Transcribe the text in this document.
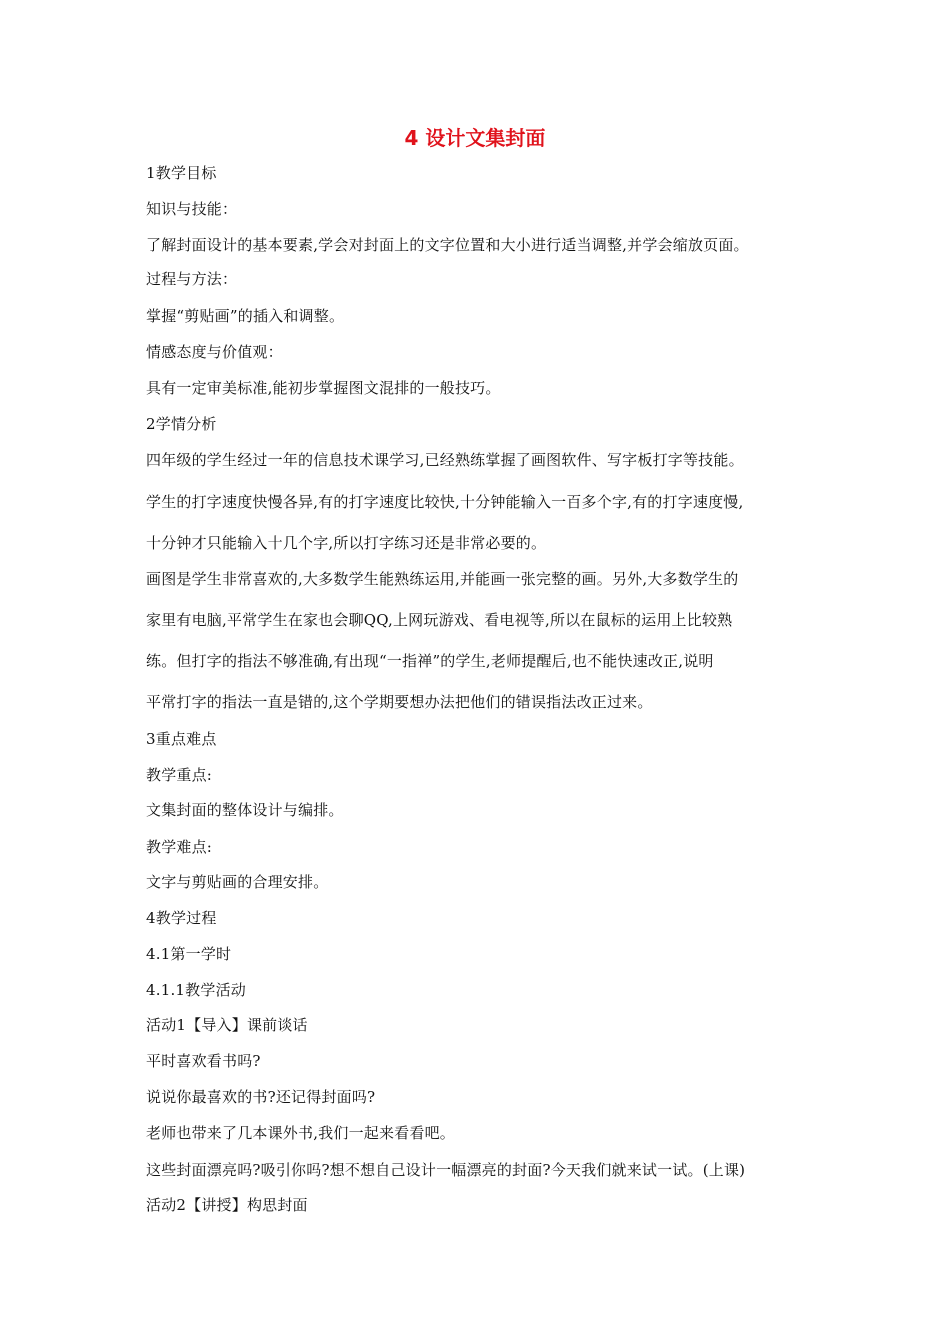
4 设计文集封面
1教学目标
知识与技能：
了解封面设计的基本要素,学会对封面上的文字位置和大小进行适当调整,并学会缩放页面。
过程与方法：
掌握“剪贴画”的插入和调整。
情感态度与价值观：
具有一定审美标准,能初步掌握图文混排的一般技巧。
2学情分析
四年级的学生经过一年的信息技术课学习,已经熟练掌握了画图软件、写字板打字等技能。
学生的打字速度快慢各异,有的打字速度比较快,十分钟能输入一百多个字,有的打字速度慢,
十分钟才只能输入十几个字,所以打字练习还是非常必要的。
画图是学生非常喜欢的,大多数学生能熟练运用,并能画一张完整的画。另外,大多数学生的
家里有电脑,平常学生在家也会聊QQ,上网玩游戏、看电视等,所以在鼠标的运用上比较熟
练。但打字的指法不够准确,有出现“一指禅”的学生,老师提醒后,也不能快速改正,说明
平常打字的指法一直是错的,这个学期要想办法把他们的错误指法改正过来。
3重点难点
教学重点:
文集封面的整体设计与编排。
教学难点:
文字与剪贴画的合理安排。
4教学过程
4.1第一学时
4.1.1教学活动
活动1【导入】课前谈话
平时喜欢看书吗?
说说你最喜欢的书?还记得封面吗?
老师也带来了几本课外书,我们一起来看看吧。
这些封面漂亮吗?吸引你吗?想不想自己设计一幅漂亮的封面?今天我们就来试一试。(上课)
活动2【讲授】构思封面
